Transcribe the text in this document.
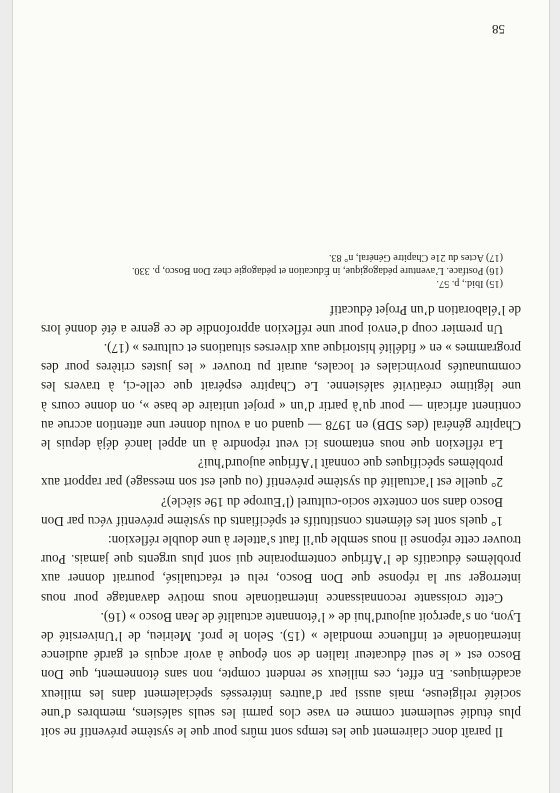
Il paraît donc clairement que les temps sont mûrs pour que le système préventif ne soit plus étudié seulement comme en vase clos parmi les seuls salésiens, membres d’une société religieuse, mais aussi par d’autres intéressés spécialement dans les milieux académiques. En effet, ces milieux se rendent compte, non sans étonnement, que Don Bosco est « le seul éducateur italien de son époque à avoir acquis et gardé audience internationale et influence mondiale » (15). Selon le prof. Meirieu, de l’Université de Lyon, on s’aperçoit aujourd’hui de « l’étonnante actualité de Jean Bosco » (16).

Cette croissante reconnaissance internationale nous motive davantage pour nous interroger sur la réponse que Don Bosco, relu et réactualisé, pourrait donner aux problèmes éducatifs de l’Afrique contemporaine qui sont plus urgents que jamais. Pour trouver cette réponse il nous semble qu’il faut s’atteler à une double réflexion:

1° quels sont les éléments constitutifs et spécifiants du système préventif vécu par Don Bosco dans son contexte socio-culturel (l’Europe du 19e siècle)?

2° quelle est l’actualité du système préventif (ou quel est son message) par rapport aux problèmes spécifiques que connaît l’Afrique aujourd’hui?

La réflexion que nous entamons ici veut répondre à un appel lancé déjà depuis le Chapitre général (des SDB) en 1978 — quand on a voulu donner une attention accrue au continent africain — pour qu’à partir d’un « projet unitaire de base », on donne cours à une légitime créativité salésienne. Le Chapitre espérait que celle-ci, à travers les communautés provinciales et locales, aurait pu trouver « les justes critères pour des programmes » en « fidélité historique aux diverses situations et cultures » (17).

Un premier coup d’envoi pour une réflexion approfondie de ce genre a été donné lors de l’élaboration d’un Projet éducatif

(15) Ibid., p. 57.

(16) Postface. L’aventure pédagogique, in Éducation et pédagogie chez Don Bosco, p. 330.

(17) Actes du 21e Chapitre Général, n° 83.

58
